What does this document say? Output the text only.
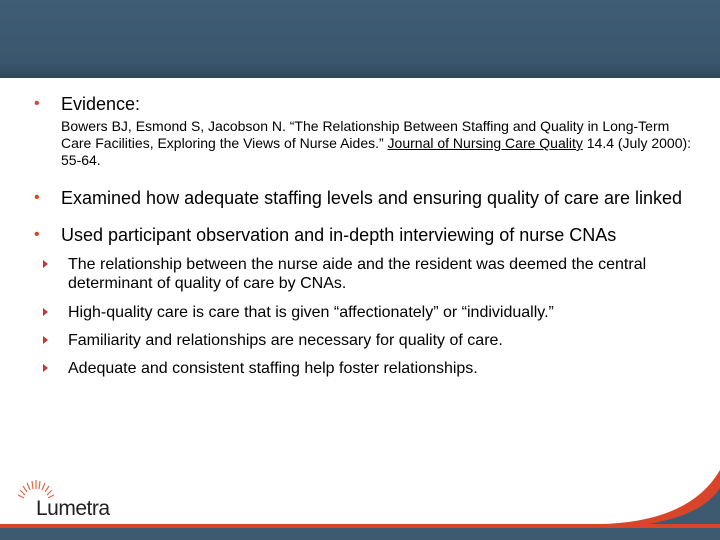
• Evidence:
Bowers BJ, Esmond S, Jacobson N. “The Relationship Between Staffing and Quality in Long-Term Care Facilities, Exploring the Views of Nurse Aides.” Journal of Nursing Care Quality 14.4 (July 2000): 55-64.
• Examined how adequate staffing levels and ensuring quality of care are linked
• Used participant observation and in-depth interviewing of nurse CNAs
The relationship between the nurse aide and the resident was deemed the central determinant of quality of care by CNAs.
High-quality care is care that is given “affectionately” or “individually.”
Familiarity and relationships are necessary for quality of care.
Adequate and consistent staffing help foster relationships.
Lumetra
